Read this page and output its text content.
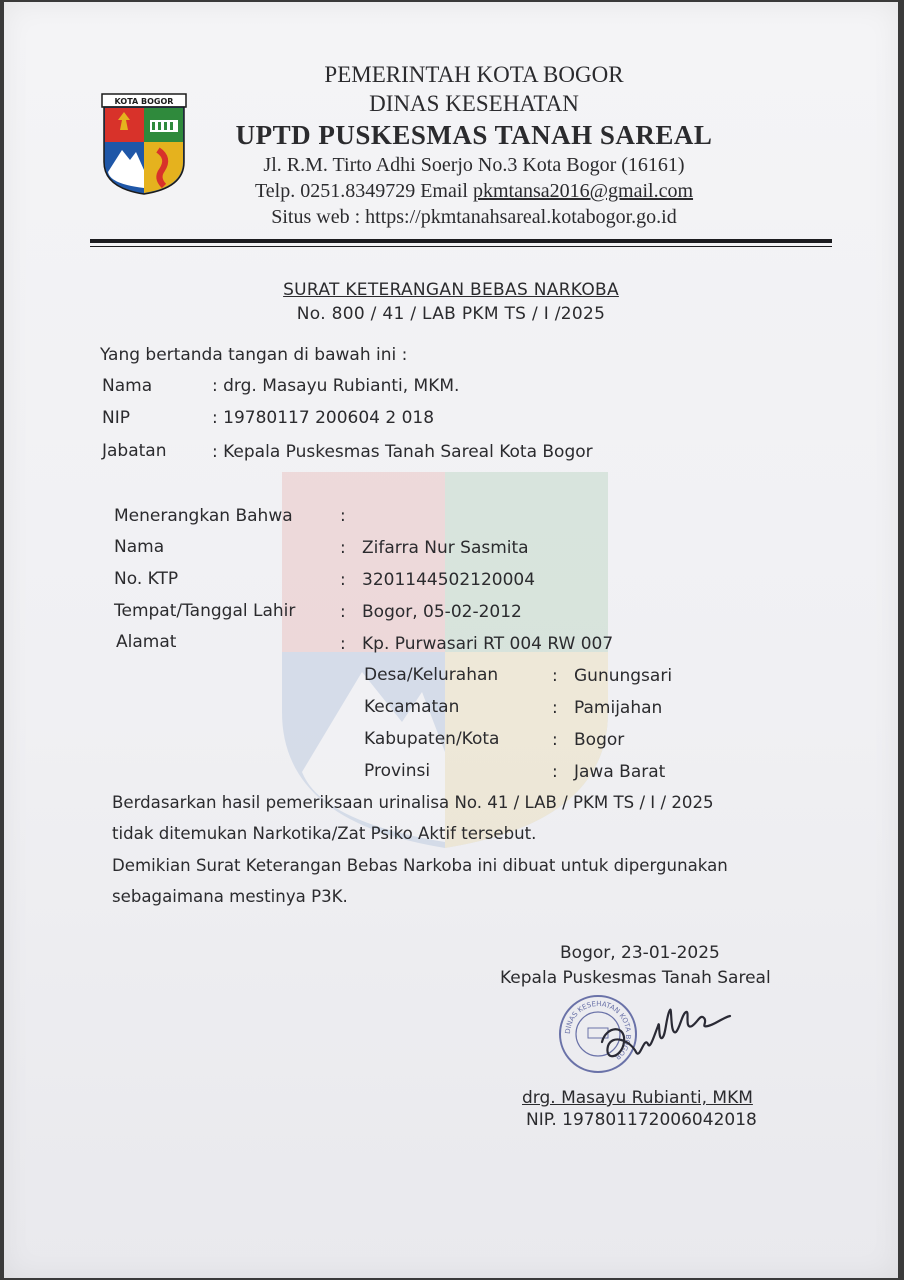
KOTA BOGOR
PEMERINTAH KOTA BOGOR
DINAS KESEHATAN
UPTD PUSKESMAS TANAH SAREAL
Jl. R.M. Tirto Adhi Soerjo No.3 Kota Bogor (16161)
Telp. 0251.8349729 Email pkmtansa2016@gmail.com
Situs web : https://pkmtanahsareal.kotabogor.go.id
SURAT KETERANGAN BEBAS NARKOBA
No. 800 / 41 / LAB PKM TS / I /2025
Yang bertanda tangan di bawah ini :
Nama	: drg. Masayu Rubianti, MKM.
NIP	: 19780117 200604 2 018
Jabatan	: Kepala Puskesmas Tanah Sareal Kota Bogor
Menerangkan Bahwa	:
Nama	: Zifarra Nur Sasmita
No. KTP	: 3201144502120004
Tempat/Tanggal Lahir	: Bogor, 05-02-2012
Alamat	: Kp. Purwasari RT 004 RW 007
Desa/Kelurahan	: Gunungsari
Kecamatan	: Pamijahan
Kabupaten/Kota	: Bogor
Provinsi	: Jawa Barat
Berdasarkan hasil pemeriksaan urinalisa No. 41 / LAB / PKM TS / I / 2025
tidak ditemukan Narkotika/Zat Psiko Aktif tersebut.
Demikian Surat Keterangan Bebas Narkoba ini dibuat untuk dipergunakan
sebagaimana mestinya P3K.
Bogor, 23-01-2025
Kepala Puskesmas Tanah Sareal
DINAS KESEHATAN KOTA BOGOR
drg. Masayu Rubianti, MKM
NIP. 197801172006042018
